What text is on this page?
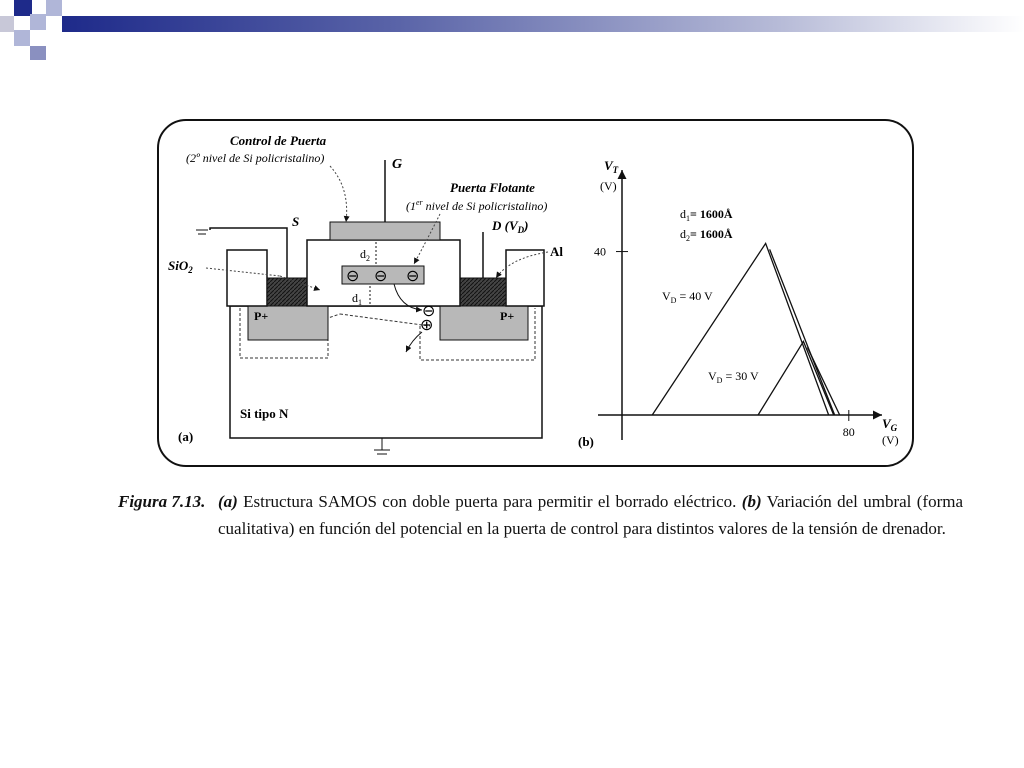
Control de Puerta
(2º nivel de Si policristalino)	G
Puerta Flotante
(1er nivel de Si policristalino)
S	D $(V_D)$
Al
SiO$_2$
$d_2$
$d_1$
⊖ ⊖ ⊖
⊖
⊕
P+	P+
Si tipo N
(a)
$V_T$
(V)
$V_G$
(V)
40
80
$d_1=$ 1600Å
$d_2=$ 1600Å
$V_D = 40$ V
$V_D = 30$ V
(b)
Figura 7.13. (a) Estructura SAMOS con doble puerta para permitir el borrado eléctrico. (b) Variación del umbral (forma cualitativa) en función del potencial en la puerta de control para distintos valores de la tensión de drenador.
